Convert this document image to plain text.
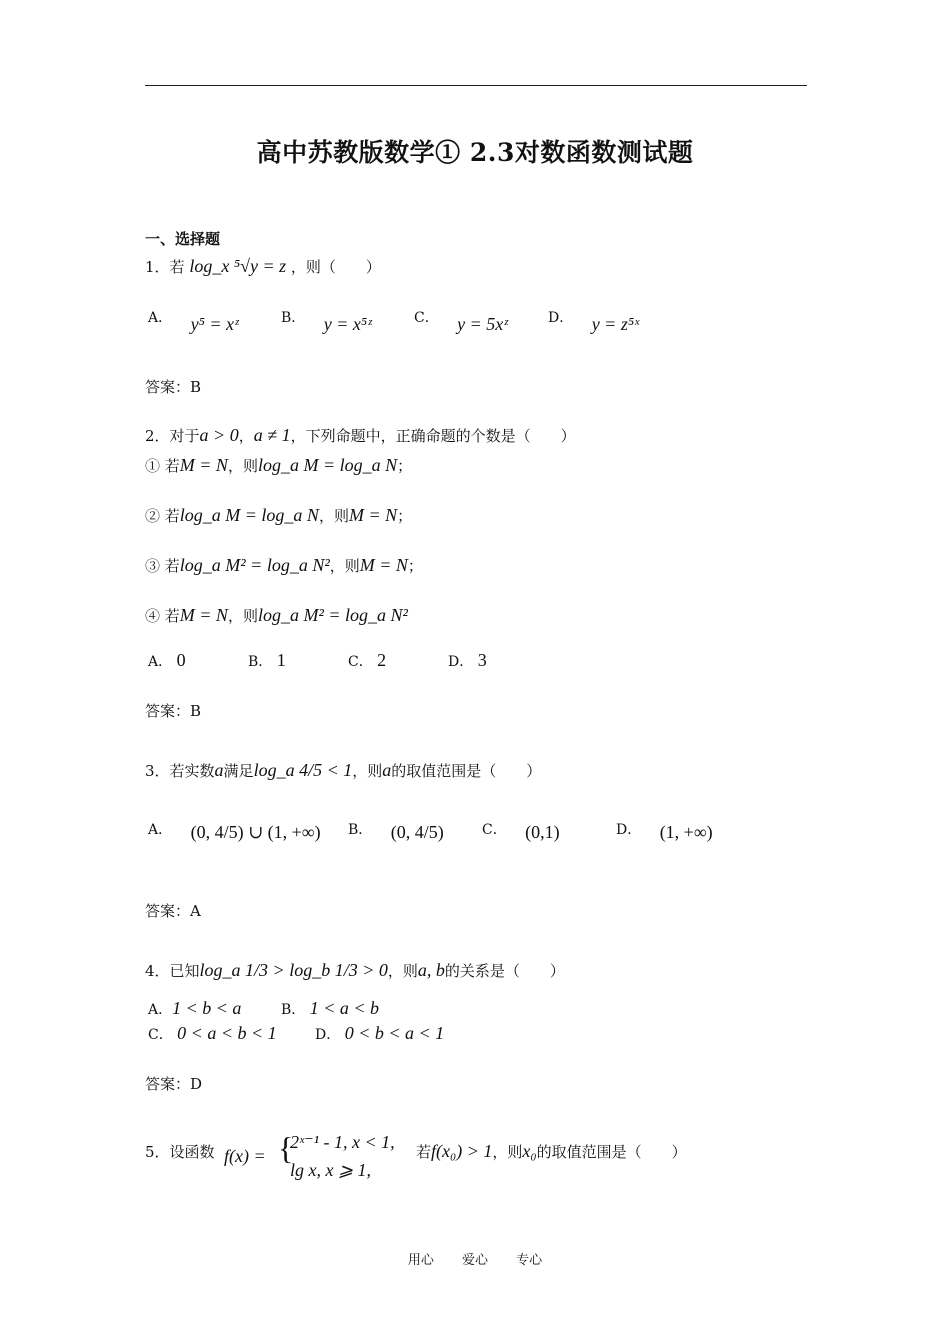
高中苏教版数学① 2.3对数函数测试题
一、选择题
1．若 log_x ⁵√y = z ，则（　　）
A． y⁵ = xᶻ	B． y = x⁵ᶻ	C． y = 5xᶻ	D． y = z⁵ˣ
答案：B
2．对于a > 0，a ≠ 1，下列命题中，正确命题的个数是（　　）
① 若M = N，则log_a M = log_a N；
② 若log_a M = log_a N，则M = N；
③ 若log_a M² = log_a N²，则M = N；
④ 若M = N，则log_a M² = log_a N²
A． 0	B． 1	C． 2	D． 3
答案：B
3．若实数a满足log_a 4/5 < 1，则a的取值范围是（　　）
A． (0, 4/5) ∪ (1, +∞) B． (0, 4/5)	C． (0,1)	D． (1, +∞)
答案：A
4．已知log_a 1/3 > log_b 1/3 > 0，则a, b的关系是（　　）
A．1 < b < a	B． 1 < a < b
C． 0 < a < b < 1	D． 0 < b < a < 1
答案：D
5．设函数 f(x) = {
2ˣ⁻¹ - 1, x < 1,
lg x, x ⩾ 1,
若f(x₀) > 1，则x₀的取值范围是（　　）
用心 爱心 专心
